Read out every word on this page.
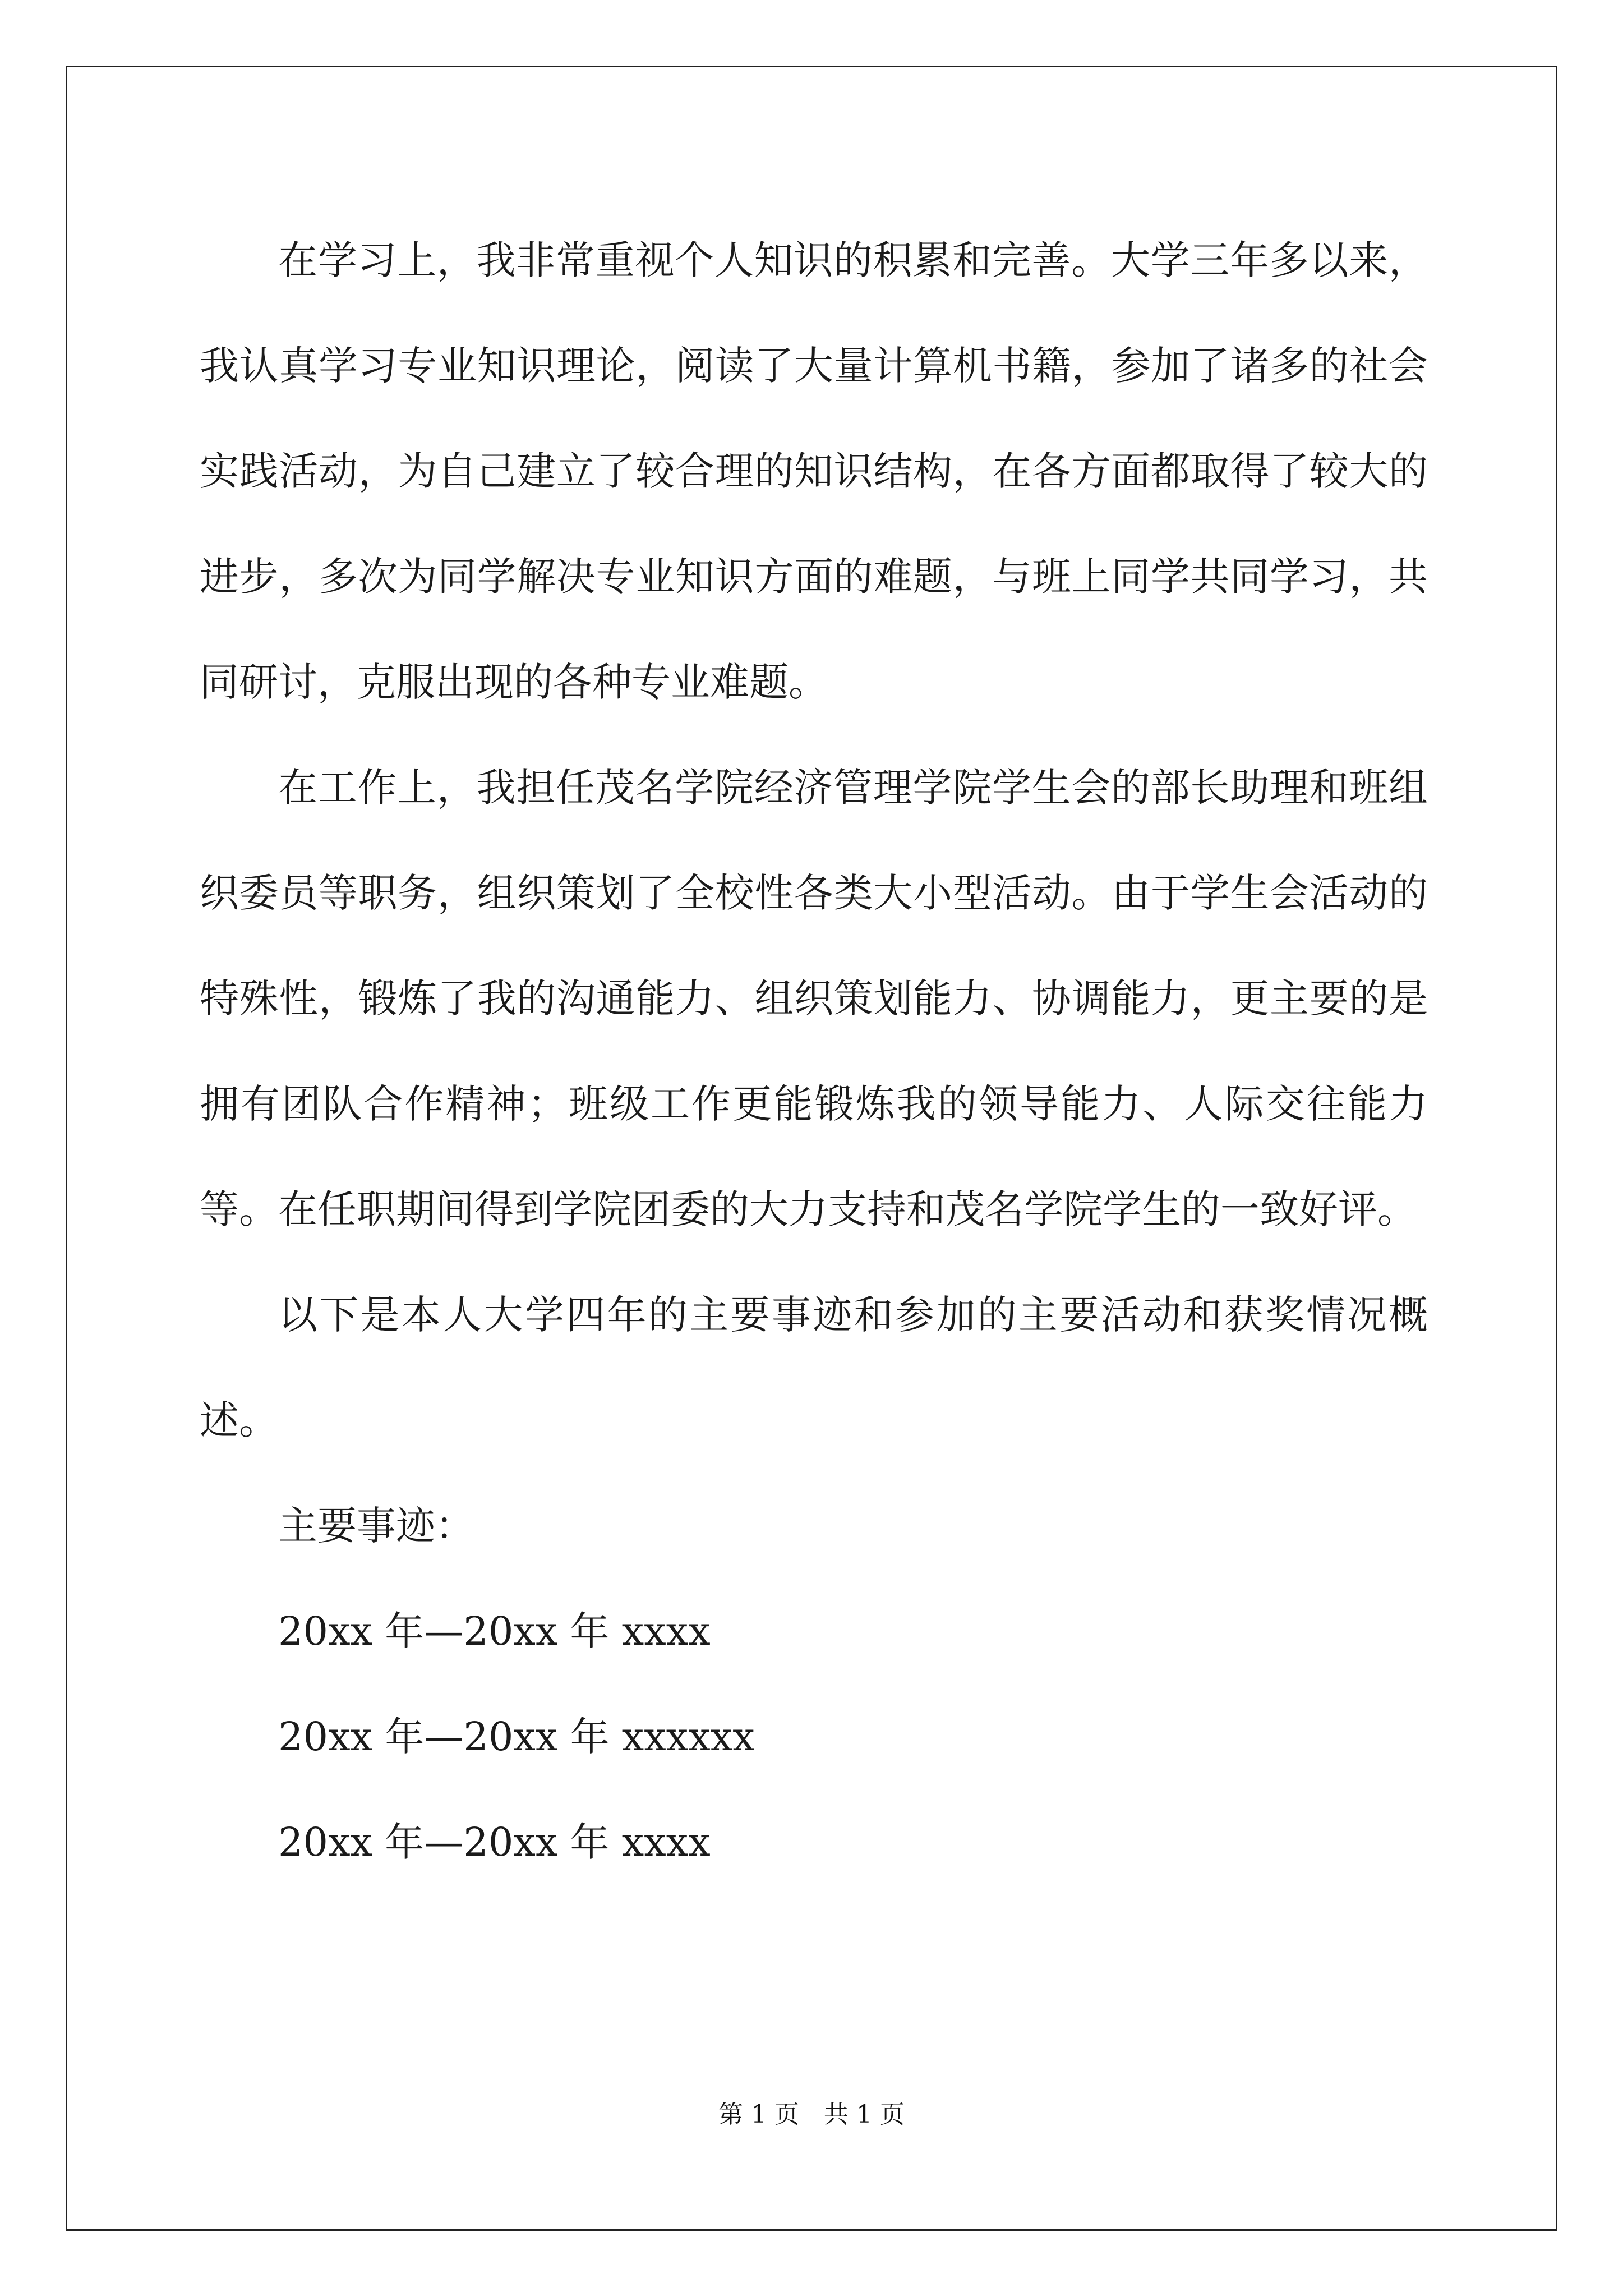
在学习上，我非常重视个人知识的积累和完善。大学三年多以来，我认真学习专业知识理论，阅读了大量计算机书籍，参加了诸多的社会实践活动，为自己建立了较合理的知识结构，在各方面都取得了较大的进步，多次为同学解决专业知识方面的难题，与班上同学共同学习，共同研讨，克服出现的各种专业难题。

在工作上，我担任茂名学院经济管理学院学生会的部长助理和班组织委员等职务，组织策划了全校性各类大小型活动。由于学生会活动的特殊性，锻炼了我的沟通能力、组织策划能力、协调能力，更主要的是拥有团队合作精神；班级工作更能锻炼我的领导能力、人际交往能力等。在任职期间得到学院团委的大力支持和茂名学院学生的一致好评。

以下是本人大学四年的主要事迹和参加的主要活动和获奖情况概述。

主要事迹：

20xx 年—20xx 年 xxxx

20xx 年—20xx 年 xxxxxx

20xx 年—20xx 年 xxxx

第 1 页　共 1 页
